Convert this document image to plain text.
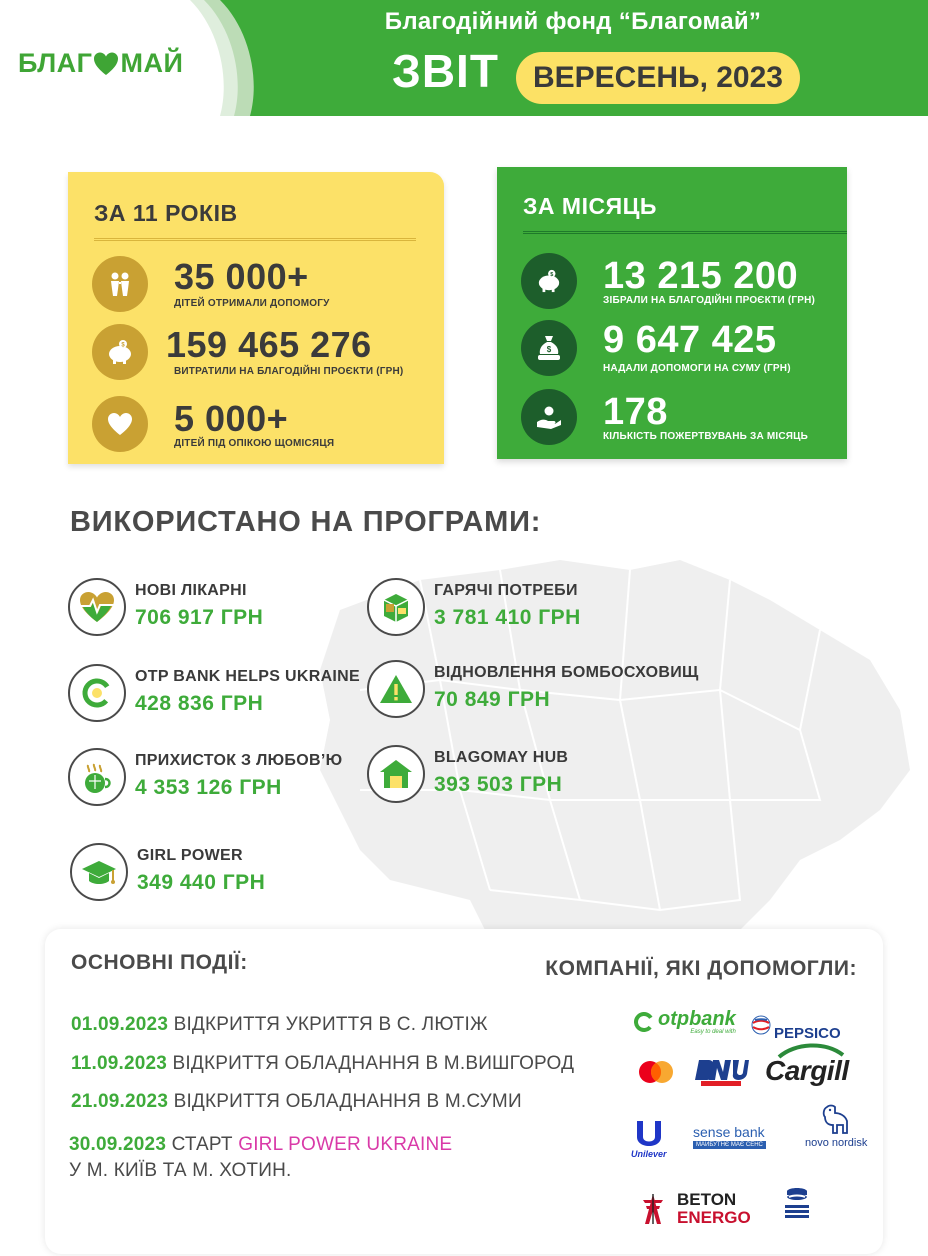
БЛАГ МАЙ
Благодійний фонд “Благомай”
ЗВІТ	ВЕРЕСЕНЬ, 2023
ЗА 11 РОКІВ
35 000+
ДІТЕЙ ОТРИМАЛИ ДОПОМОГУ
$ 159 465 276
ВИТРАТИЛИ НА БЛАГОДІЙНІ ПРОЄКТИ (ГРН)
5 000+
ДІТЕЙ ПІД ОПІКОЮ ЩОМІСЯЦЯ
ЗА МІСЯЦЬ
$ 13 215 200
ЗІБРАЛИ НА БЛАГОДІЙНІ ПРОЄКТИ (ГРН)
$ 9 647 425
НАДАЛИ ДОПОМОГИ НА СУМУ (ГРН)
178
КІЛЬКІСТЬ ПОЖЕРТВУВАНЬ ЗА МІСЯЦЬ
ВИКОРИСТАНО НА ПРОГРАМИ:
НОВІ ЛІКАРНІ
706 917 ГРН
ГАРЯЧІ ПОТРЕБИ
3 781 410 ГРН
OTP BANK HELPS UKRAINE
428 836 ГРН
ВІДНОВЛЕННЯ БОМБОСХОВИЩ
70 849 ГРН
ПРИХИСТОК З ЛЮБОВ’Ю
4 353 126 ГРН
BLAGOMAY HUB
393 503 ГРН
GIRL POWER
349 440 ГРН
ОСНОВНІ ПОДІЇ:	КОМПАНІЇ, ЯКІ ДОПОМОГЛИ:
01.09.2023 ВІДКРИТТЯ УКРИТТЯ В С. ЛЮТІЖ
11.09.2023 ВІДКРИТТЯ ОБЛАДНАННЯ В М.ВИШГОРОД
21.09.2023 ВІДКРИТТЯ ОБЛАДНАННЯ В М.СУМИ
30.09.2023 СТАРТ GIRL POWER UKRAINE
У М. КИЇВ ТА М. ХОТИН.
otpbank
Easy to deal with	PEPSICO
Cargill
Unilever
sense bank
МАЙБУТНЄ МАЄ СЕНС	novo nordisk
BETON
ENERGO
